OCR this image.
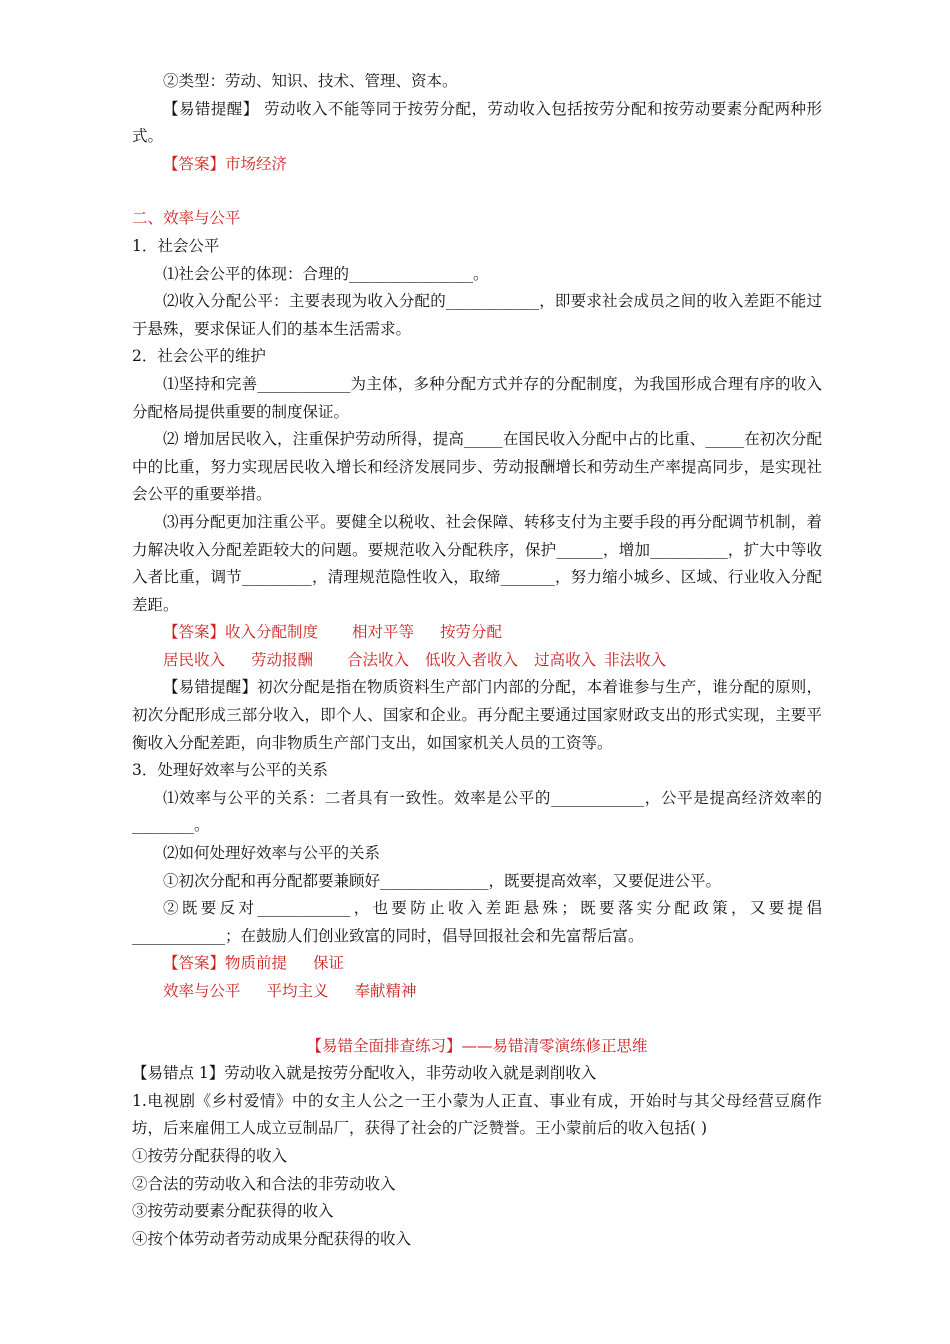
②类型：劳动、知识、技术、管理、资本。

【易错提醒】 劳动收入不能等同于按劳分配，劳动收入包括按劳分配和按劳动要素分配两种形式。

【答案】市场经济

二、效率与公平

1．社会公平

⑴社会公平的体现：合理的________________。

⑵收入分配公平：主要表现为收入分配的____________，即要求社会成员之间的收入差距不能过于悬殊，要求保证人们的基本生活需求。

2．社会公平的维护

⑴坚持和完善____________为主体，多种分配方式并存的分配制度，为我国形成合理有序的收入分配格局提供重要的制度保证。

⑵ 增加居民收入，注重保护劳动所得，提高_____在国民收入分配中占的比重、_____在初次分配中的比重，努力实现居民收入增长和经济发展同步、劳动报酬增长和劳动生产率提高同步，是实现社会公平的重要举措。

⑶再分配更加注重公平。要健全以税收、社会保障、转移支付为主要手段的再分配调节机制，着力解决收入分配差距较大的问题。要规范收入分配秩序，保护______，增加__________，扩大中等收入者比重，调节_________，清理规范隐性收入，取缔_______，努力缩小城乡、区域、行业收入分配差距。

【答案】收入分配制度 相对平等 按劳分配

居民收入 劳动报酬 合法收入 低收入者收入 过高收入 非法收入

【易错提醒】初次分配是指在物质资料生产部门内部的分配，本着谁参与生产，谁分配的原则，初次分配形成三部分收入，即个人、国家和企业。再分配主要通过国家财政支出的形式实现，主要平衡收入分配差距，向非物质生产部门支出，如国家机关人员的工资等。

3．处理好效率与公平的关系

⑴效率与公平的关系：二者具有一致性。效率是公平的____________，公平是提高经济效率的________。

⑵如何处理好效率与公平的关系

①初次分配和再分配都要兼顾好______________，既要提高效率，又要促进公平。

②既要反对____________，也要防止收入差距悬殊；既要落实分配政策，又要提倡____________；在鼓励人们创业致富的同时，倡导回报社会和先富帮后富。

【答案】物质前提 保证

效率与公平 平均主义 奉献精神

【易错全面排查练习】——易错清零演练修正思维

【易错点 1】劳动收入就是按劳分配收入，非劳动收入就是剥削收入

1.电视剧《乡村爱情》中的女主人公之一王小蒙为人正直、事业有成，开始时与其父母经营豆腐作坊，后来雇佣工人成立豆制品厂，获得了社会的广泛赞誉。王小蒙前后的收入包括( )

①按劳分配获得的收入

②合法的劳动收入和合法的非劳动收入

③按劳动要素分配获得的收入

④按个体劳动者劳动成果分配获得的收入
